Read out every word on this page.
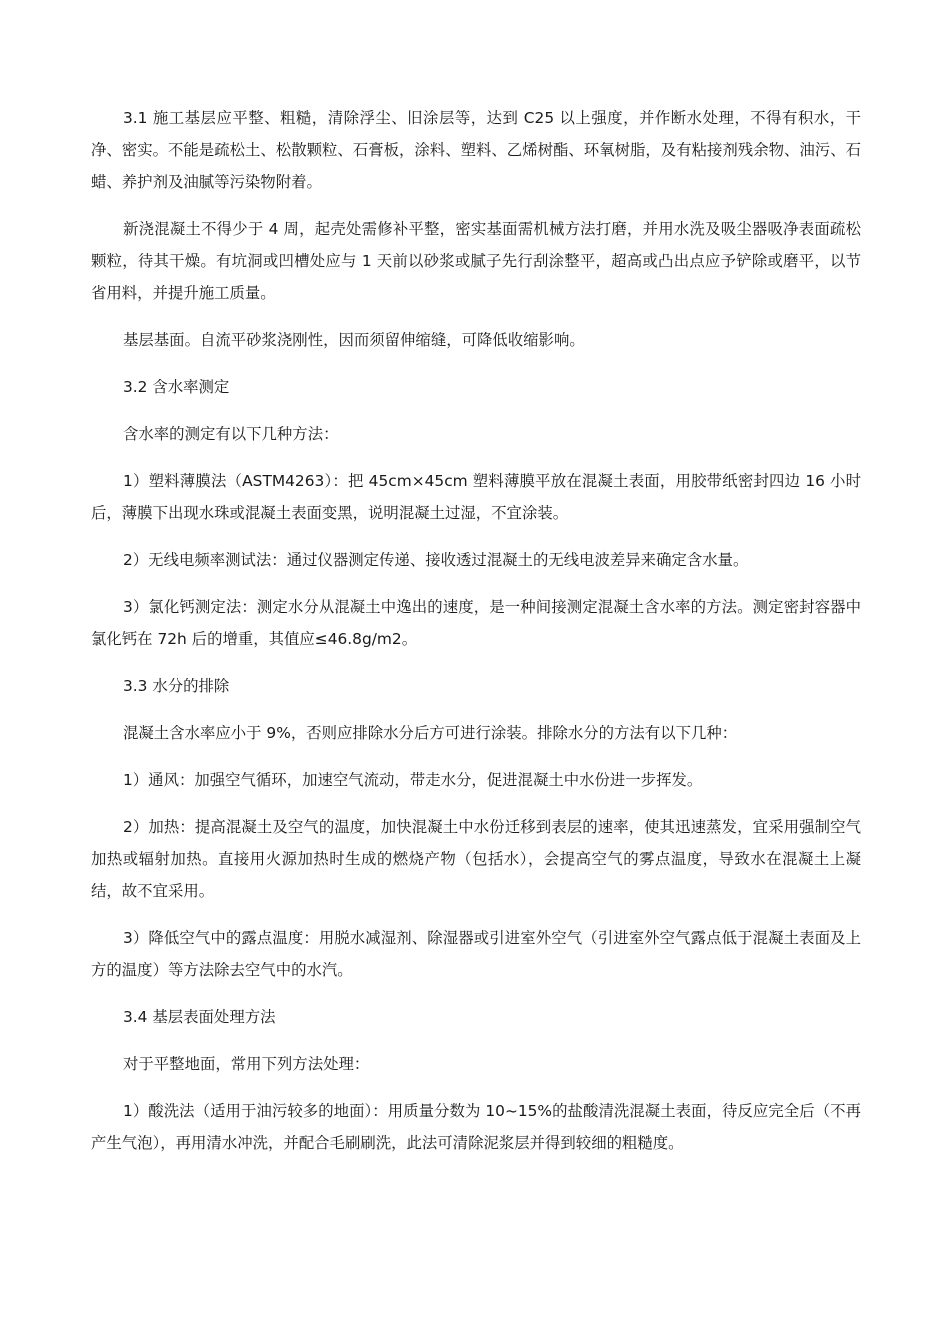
3.1 施工基层应平整、粗糙，清除浮尘、旧涂层等，达到 C25 以上强度，并作断水处理，不得有积水，干净、密实。不能是疏松土、松散颗粒、石膏板，涂料、塑料、乙烯树酯、环氧树脂，及有粘接剂残余物、油污、石蜡、养护剂及油腻等污染物附着。

新浇混凝土不得少于 4 周，起壳处需修补平整，密实基面需机械方法打磨，并用水洗及吸尘器吸净表面疏松颗粒，待其干燥。有坑洞或凹槽处应与 1 天前以砂浆或腻子先行刮涂整平，超高或凸出点应予铲除或磨平，以节省用料，并提升施工质量。

基层基面。自流平砂浆浇刚性，因而须留伸缩缝，可降低收缩影响。

3.2 含水率测定

含水率的测定有以下几种方法：

1）塑料薄膜法（ASTM4263）：把 45cm×45cm 塑料薄膜平放在混凝土表面，用胶带纸密封四边 16 小时后，薄膜下出现水珠或混凝土表面变黑，说明混凝土过湿，不宜涂装。

2）无线电频率测试法：通过仪器测定传递、接收透过混凝土的无线电波差异来确定含水量。

3）氯化钙测定法：测定水分从混凝土中逸出的速度，是一种间接测定混凝土含水率的方法。测定密封容器中氯化钙在 72h 后的增重，其值应≤46.8g/m2。

3.3 水分的排除

混凝土含水率应小于 9%，否则应排除水分后方可进行涂装。排除水分的方法有以下几种：

1）通风：加强空气循环，加速空气流动，带走水分，促进混凝土中水份进一步挥发。

2）加热：提高混凝土及空气的温度，加快混凝土中水份迁移到表层的速率，使其迅速蒸发，宜采用强制空气加热或辐射加热。直接用火源加热时生成的燃烧产物（包括水），会提高空气的雾点温度，导致水在混凝土上凝结，故不宜采用。

3）降低空气中的露点温度：用脱水减湿剂、除湿器或引进室外空气（引进室外空气露点低于混凝土表面及上方的温度）等方法除去空气中的水汽。

3.4 基层表面处理方法

对于平整地面，常用下列方法处理：

1）酸洗法（适用于油污较多的地面）：用质量分数为 10~15%的盐酸清洗混凝土表面，待反应完全后（不再产生气泡），再用清水冲洗，并配合毛刷刷洗，此法可清除泥浆层并得到较细的粗糙度。
